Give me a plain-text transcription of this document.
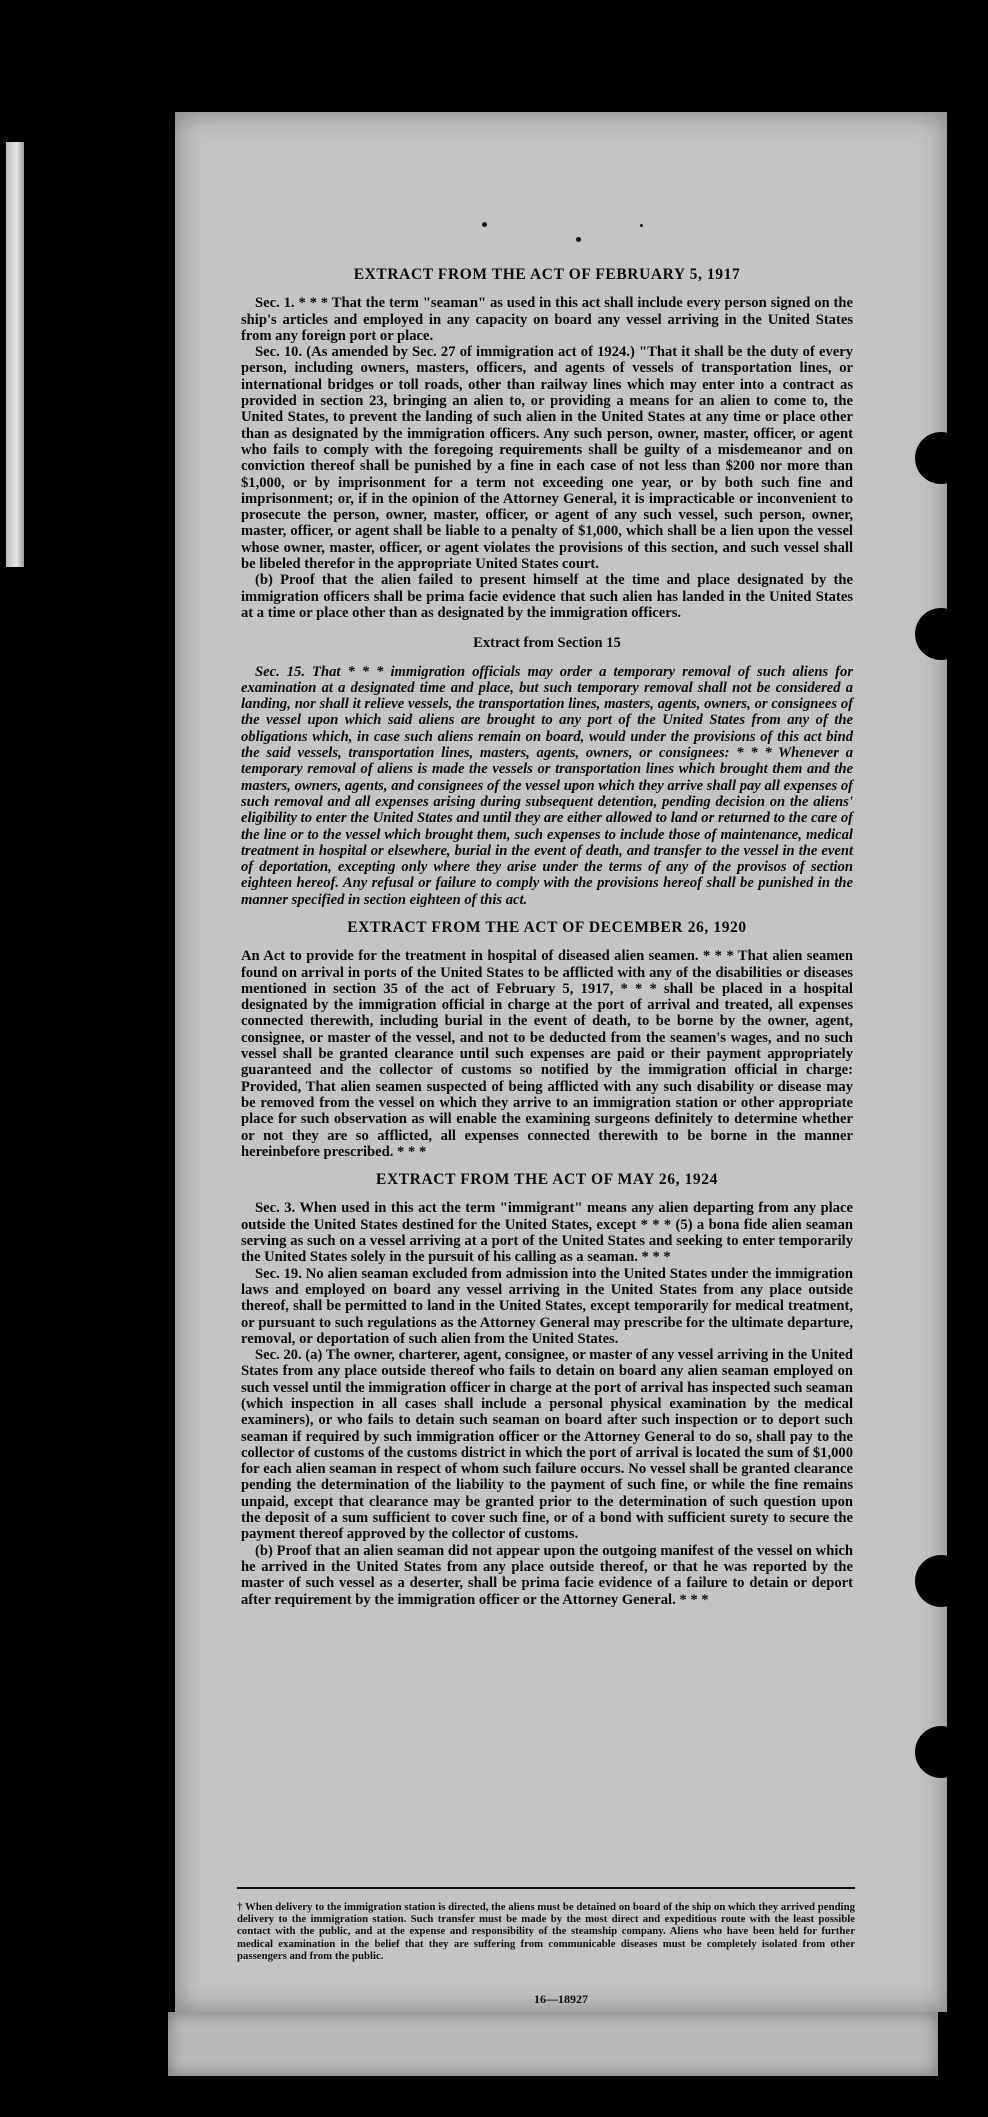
EXTRACT FROM THE ACT OF FEBRUARY 5, 1917

Sec. 1. * * * That the term "seaman" as used in this act shall include every person signed on the ship's articles and employed in any capacity on board any vessel arriving in the United States from any foreign port or place.

Sec. 10. (As amended by Sec. 27 of immigration act of 1924.) "That it shall be the duty of every person, including owners, masters, officers, and agents of vessels of transportation lines, or international bridges or toll roads, other than railway lines which may enter into a contract as provided in section 23, bringing an alien to, or providing a means for an alien to come to, the United States, to prevent the landing of such alien in the United States at any time or place other than as designated by the immigration officers. Any such person, owner, master, officer, or agent who fails to comply with the foregoing requirements shall be guilty of a misdemeanor and on conviction thereof shall be punished by a fine in each case of not less than $200 nor more than $1,000, or by imprisonment for a term not exceeding one year, or by both such fine and imprisonment; or, if in the opinion of the Attorney General, it is impracticable or inconvenient to prosecute the person, owner, master, officer, or agent of any such vessel, such person, owner, master, officer, or agent shall be liable to a penalty of $1,000, which shall be a lien upon the vessel whose owner, master, officer, or agent violates the provisions of this section, and such vessel shall be libeled therefor in the appropriate United States court.

(b) Proof that the alien failed to present himself at the time and place designated by the immigration officers shall be prima facie evidence that such alien has landed in the United States at a time or place other than as designated by the immigration officers.

Extract from Section 15

Sec. 15. That * * * immigration officials may order a temporary removal of such aliens for examination at a designated time and place, but such temporary removal shall not be considered a landing, nor shall it relieve vessels, the transportation lines, masters, agents, owners, or consignees of the vessel upon which said aliens are brought to any port of the United States from any of the obligations which, in case such aliens remain on board, would under the provisions of this act bind the said vessels, transportation lines, masters, agents, owners, or consignees: * * * Whenever a temporary removal of aliens is made the vessels or transportation lines which brought them and the masters, owners, agents, and consignees of the vessel upon which they arrive shall pay all expenses of such removal and all expenses arising during subsequent detention, pending decision on the aliens' eligibility to enter the United States and until they are either allowed to land or returned to the care of the line or to the vessel which brought them, such expenses to include those of maintenance, medical treatment in hospital or elsewhere, burial in the event of death, and transfer to the vessel in the event of deportation, excepting only where they arise under the terms of any of the provisos of section eighteen hereof. Any refusal or failure to comply with the provisions hereof shall be punished in the manner specified in section eighteen of this act.

EXTRACT FROM THE ACT OF DECEMBER 26, 1920

An Act to provide for the treatment in hospital of diseased alien seamen. * * * That alien seamen found on arrival in ports of the United States to be afflicted with any of the disabilities or diseases mentioned in section 35 of the act of February 5, 1917, * * * shall be placed in a hospital designated by the immigration official in charge at the port of arrival and treated, all expenses connected therewith, including burial in the event of death, to be borne by the owner, agent, consignee, or master of the vessel, and not to be deducted from the seamen's wages, and no such vessel shall be granted clearance until such expenses are paid or their payment appropriately guaranteed and the collector of customs so notified by the immigration official in charge: Provided, That alien seamen suspected of being afflicted with any such disability or disease may be removed from the vessel on which they arrive to an immigration station or other appropriate place for such observation as will enable the examining surgeons definitely to determine whether or not they are so afflicted, all expenses connected therewith to be borne in the manner hereinbefore prescribed. * * *

EXTRACT FROM THE ACT OF MAY 26, 1924

Sec. 3. When used in this act the term "immigrant" means any alien departing from any place outside the United States destined for the United States, except * * * (5) a bona fide alien seaman serving as such on a vessel arriving at a port of the United States and seeking to enter temporarily the United States solely in the pursuit of his calling as a seaman. * * *

Sec. 19. No alien seaman excluded from admission into the United States under the immigration laws and employed on board any vessel arriving in the United States from any place outside thereof, shall be permitted to land in the United States, except temporarily for medical treatment, or pursuant to such regulations as the Attorney General may prescribe for the ultimate departure, removal, or deportation of such alien from the United States.

Sec. 20. (a) The owner, charterer, agent, consignee, or master of any vessel arriving in the United States from any place outside thereof who fails to detain on board any alien seaman employed on such vessel until the immigration officer in charge at the port of arrival has inspected such seaman (which inspection in all cases shall include a personal physical examination by the medical examiners), or who fails to detain such seaman on board after such inspection or to deport such seaman if required by such immigration officer or the Attorney General to do so, shall pay to the collector of customs of the customs district in which the port of arrival is located the sum of $1,000 for each alien seaman in respect of whom such failure occurs. No vessel shall be granted clearance pending the determination of the liability to the payment of such fine, or while the fine remains unpaid, except that clearance may be granted prior to the determination of such question upon the deposit of a sum sufficient to cover such fine, or of a bond with sufficient surety to secure the payment thereof approved by the collector of customs.

(b) Proof that an alien seaman did not appear upon the outgoing manifest of the vessel on which he arrived in the United States from any place outside thereof, or that he was reported by the master of such vessel as a deserter, shall be prima facie evidence of a failure to detain or deport after requirement by the immigration officer or the Attorney General. * * *

† When delivery to the immigration station is directed, the aliens must be detained on board of the ship on which they arrived pending delivery to the immigration station. Such transfer must be made by the most direct and expeditious route with the least possible contact with the public, and at the expense and responsibility of the steamship company. Aliens who have been held for further medical examination in the belief that they are suffering from communicable diseases must be completely isolated from other passengers and from the public.

16—18927
